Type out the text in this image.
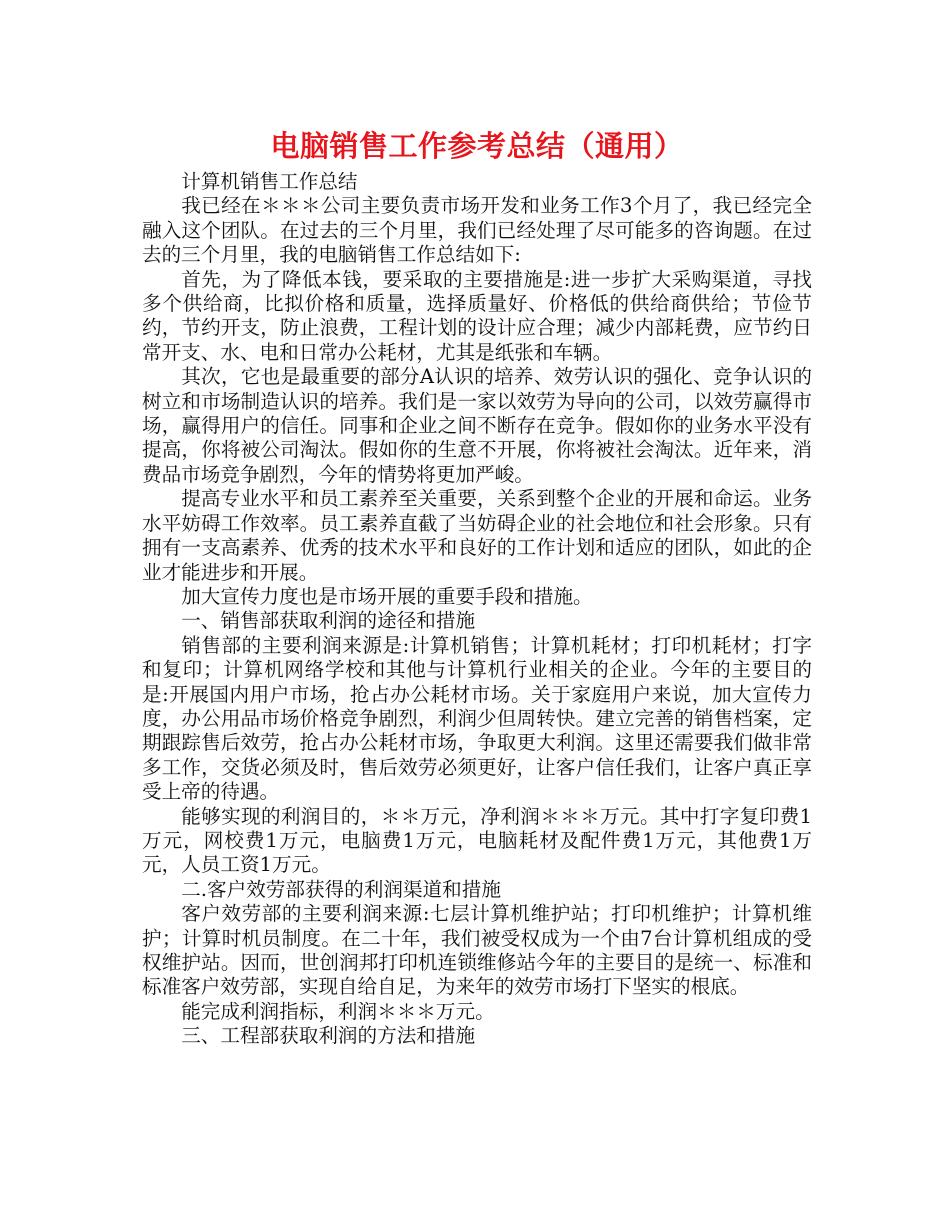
电脑销售工作参考总结（通用）

计算机销售工作总结

我已经在＊＊＊公司主要负责市场开发和业务工作3个月了，我已经完全融入这个团队。在过去的三个月里，我们已经处理了尽可能多的咨询题。在过去的三个月里，我的电脑销售工作总结如下:

首先，为了降低本钱，要采取的主要措施是:进一步扩大采购渠道，寻找多个供给商，比拟价格和质量，选择质量好、价格低的供给商供给；节俭节约，节约开支，防止浪费，工程计划的设计应合理；减少内部耗费，应节约日常开支、水、电和日常办公耗材，尤其是纸张和车辆。

其次，它也是最重要的部分A认识的培养、效劳认识的强化、竞争认识的树立和市场制造认识的培养。我们是一家以效劳为导向的公司，以效劳赢得市场，赢得用户的信任。同事和企业之间不断存在竞争。假如你的业务水平没有提高，你将被公司淘汰。假如你的生意不开展，你将被社会淘汰。近年来，消费品市场竞争剧烈，今年的情势将更加严峻。

提高专业水平和员工素养至关重要，关系到整个企业的开展和命运。业务水平妨碍工作效率。员工素养直截了当妨碍企业的社会地位和社会形象。只有拥有一支高素养、优秀的技术水平和良好的工作计划和适应的团队，如此的企业才能进步和开展。

加大宣传力度也是市场开展的重要手段和措施。

一、销售部获取利润的途径和措施

销售部的主要利润来源是:计算机销售；计算机耗材；打印机耗材；打字和复印；计算机网络学校和其他与计算机行业相关的企业。今年的主要目的是:开展国内用户市场，抢占办公耗材市场。关于家庭用户来说，加大宣传力度，办公用品市场价格竞争剧烈，利润少但周转快。建立完善的销售档案，定期跟踪售后效劳，抢占办公耗材市场，争取更大利润。这里还需要我们做非常多工作，交货必须及时，售后效劳必须更好，让客户信任我们，让客户真正享受上帝的待遇。

能够实现的利润目的，＊＊万元，净利润＊＊＊万元。其中打字复印费1万元，网校费1万元，电脑费1万元，电脑耗材及配件费1万元，其他费1万元，人员工资1万元。

二.客户效劳部获得的利润渠道和措施

客户效劳部的主要利润来源:七层计算机维护站；打印机维护；计算机维护；计算时机员制度。在二十年，我们被受权成为一个由7台计算机组成的受权维护站。因而，世创润邦打印机连锁维修站今年的主要目的是统一、标准和标准客户效劳部，实现自给自足，为来年的效劳市场打下坚实的根底。

能完成利润指标，利润＊＊＊万元。

三、工程部获取利润的方法和措施
